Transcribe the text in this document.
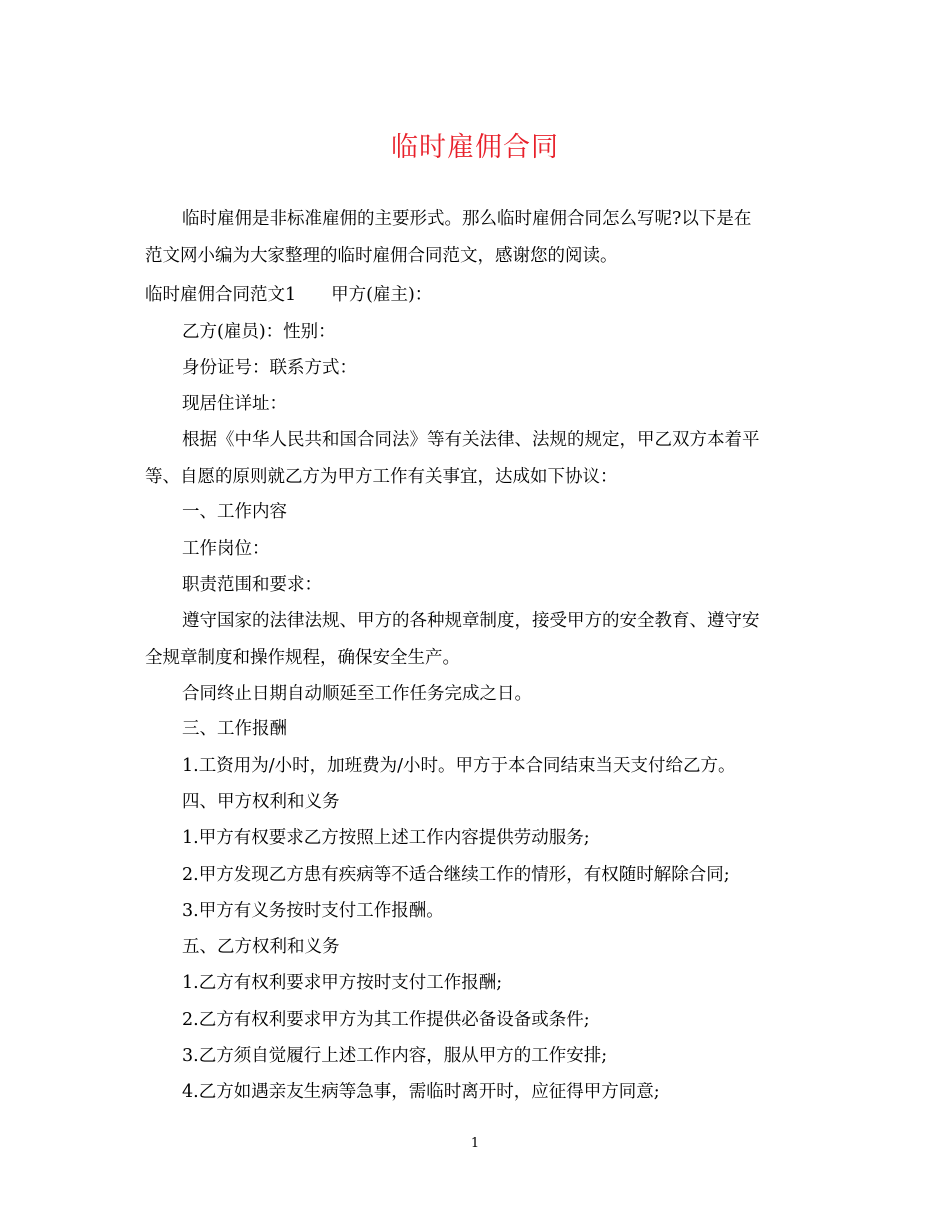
临时雇佣合同
临时雇佣是非标准雇佣的主要形式。那么临时雇佣合同怎么写呢?以下是在
范文网小编为大家整理的临时雇佣合同范文，感谢您的阅读。
临时雇佣合同范文1　　甲方(雇主)：
乙方(雇员)：性别：
身份证号：联系方式：
现居住详址：
根据《中华人民共和国合同法》等有关法律、法规的规定，甲乙双方本着平
等、自愿的原则就乙方为甲方工作有关事宜，达成如下协议：
一、工作内容
工作岗位：
职责范围和要求：
遵守国家的法律法规、甲方的各种规章制度，接受甲方的安全教育、遵守安
全规章制度和操作规程，确保安全生产。
合同终止日期自动顺延至工作任务完成之日。
三、工作报酬
1.工资用为/小时，加班费为/小时。甲方于本合同结束当天支付给乙方。
四、甲方权利和义务
1.甲方有权要求乙方按照上述工作内容提供劳动服务;
2.甲方发现乙方患有疾病等不适合继续工作的情形，有权随时解除合同;
3.甲方有义务按时支付工作报酬。
五、乙方权利和义务
1.乙方有权利要求甲方按时支付工作报酬;
2.乙方有权利要求甲方为其工作提供必备设备或条件;
3.乙方须自觉履行上述工作内容，服从甲方的工作安排;
4.乙方如遇亲友生病等急事，需临时离开时，应征得甲方同意;
1
